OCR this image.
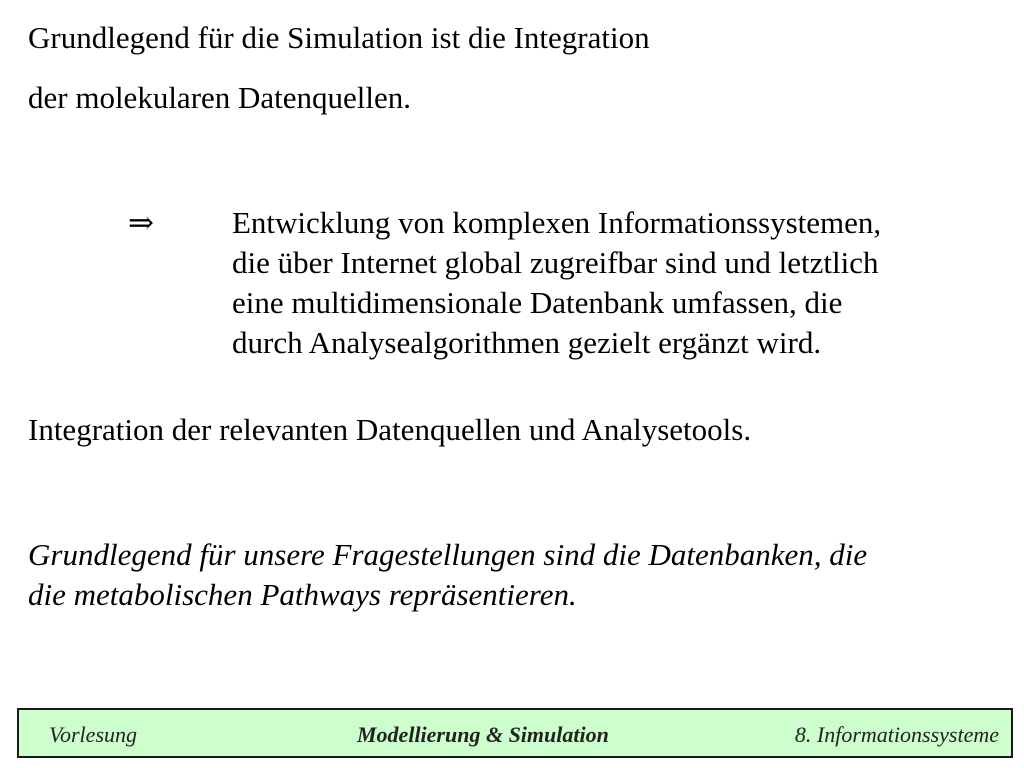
Grundlegend für die Simulation ist die Integration

der molekularen Datenquellen.

⇒	Entwicklung von komplexen Informationssystemen,
die über Internet global zugreifbar sind und letztlich
eine multidimensionale Datenbank umfassen, die
durch Analysealgorithmen gezielt ergänzt wird.

Integration der relevanten Datenquellen und Analysetools.

Grundlegend für unsere Fragestellungen sind die Datenbanken, die
die metabolischen Pathways repräsentieren.

Vorlesung	Modellierung & Simulation	8. Informationssysteme
